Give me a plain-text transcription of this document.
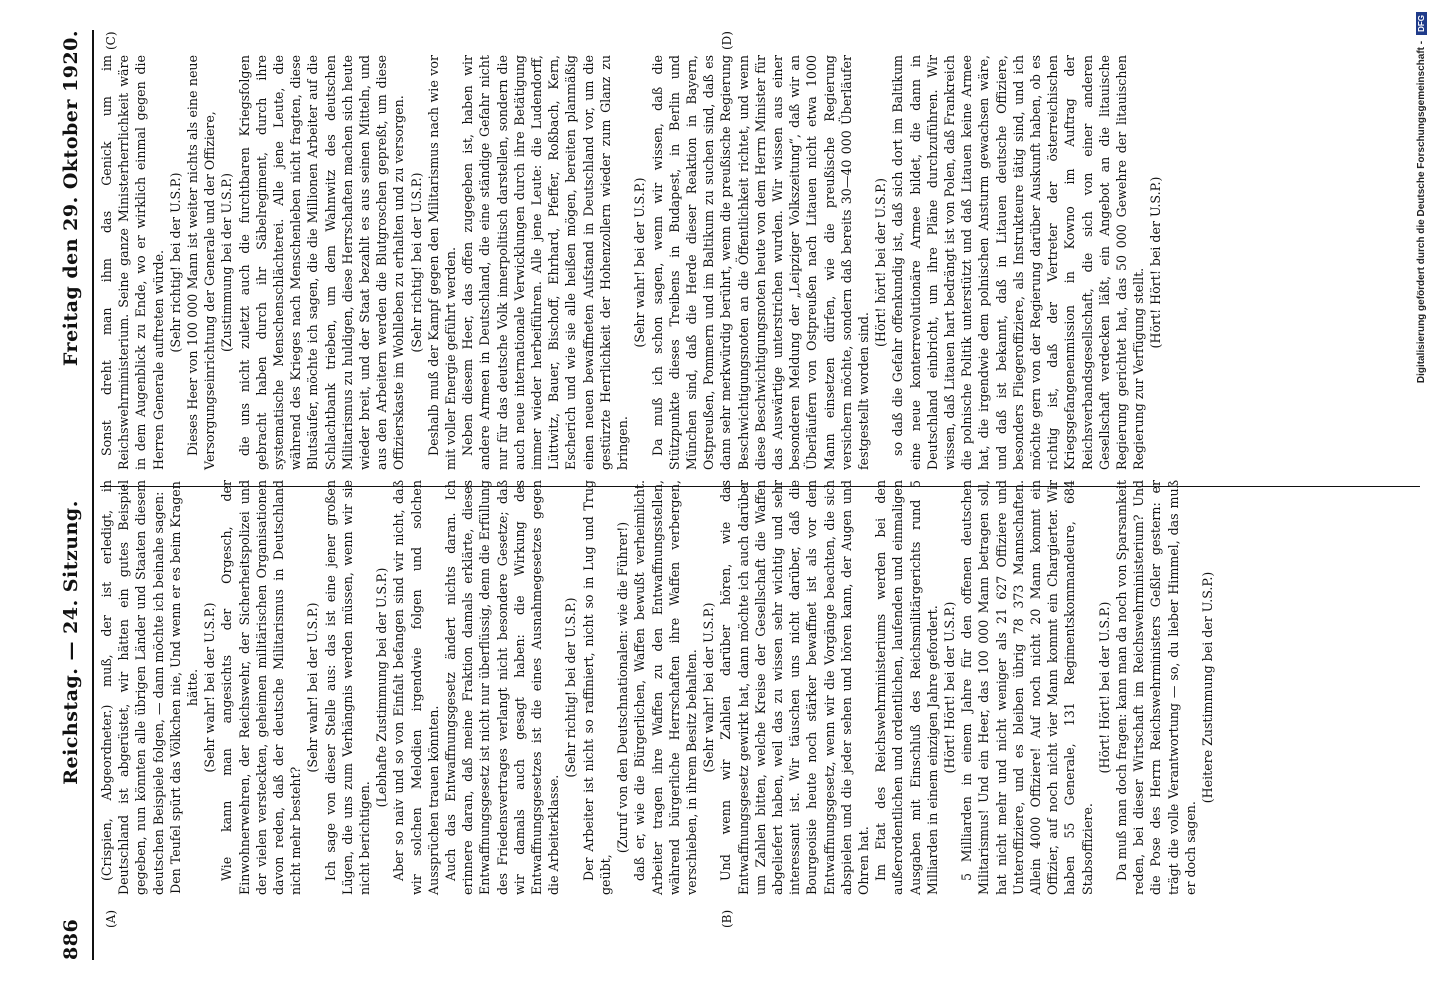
886
Reichstag. — 24. Sitzung.
Freitag den 29. Oktober 1920.
(A)	(B)
(C)	(D)

(Crispien, Abgeordneter.) muß, der ist erledigt, in Deutschland ist abgerüstet, wir hätten ein gutes Beispiel gegeben, nun könnten alle übrigen Länder und Staaten diesem deutschen Beispiele folgen, — dann möchte ich beinahe sagen: Den Teufel spürt das Völkchen nie, Und wenn er es beim Kragen hätte. (Sehr wahr! bei der U.S.P.) Wie kann man angesichts der Orgesch, der Einwohnerwehren, der Reichswehr, der Sicherheitspolizei und der vielen versteckten, geheimen militärischen Organisationen davon reden, daß der deutsche Militarismus in Deutschland nicht mehr besteht?

(Sehr wahr! bei der U.S.P.) Ich sage von dieser Stelle aus: das ist eine jener großen Lügen, die uns zum Verhängnis werden müssen, wenn wir sie nicht berichtigen.

(Lebhafte Zustimmung bei der U.S.P.) Aber so naiv und so von Einfalt befangen sind wir nicht, daß wir solchen Melodien irgendwie folgen und solchen Aussprüchen trauen könnten. Auch das Entwaffnungsgesetz ändert nichts daran. Ich erinnere daran, daß meine Fraktion damals erklärte, dieses Entwaffnungsgesetz ist nicht nur überflüssig, denn die Erfüllung des Friedensvertrages verlangt nicht besondere Gesetze; daß wir damals auch gesagt haben: die Wirkung des Entwaffnungsgesetzes ist die eines Ausnahmegesetzes gegen die Arbeiterklasse.

(Sehr richtig! bei der U.S.P.) Der Arbeiter ist nicht so raffiniert, nicht so in Lug und Trug geübt,

(Zuruf von den Deutschnationalen: wie die Führer!) daß er, wie die Bürgerlichen, Waffen bewußt verheimlicht. Arbeiter tragen ihre Waffen zu den Entwaffnungsstellen, während bürgerliche Herrschaften ihre Waffen verbergen, verschieben, in ihrem Besitz behalten. (Sehr wahr! bei der U.S.P.) Und wenn wir Zahlen darüber hören, wie das Entwaffnungsgesetz gewirkt hat, dann möchte ich auch darüber um Zahlen bitten, welche Kreise der Gesellschaft die Waffen abgeliefert haben, weil das zu wissen sehr wichtig und sehr interessant ist. Wir täuschen uns nicht darüber, daß die Bourgeoisie heute noch stärker bewaffnet ist als vor dem Entwaffnungsgesetz, wenn wir die Vorgänge beachten, die sich abspielen und die jeder sehen und hören kann, der Augen und Ohren hat. Im Etat des Reichswehrministeriums werden bei den außerordentlichen und ordentlichen, laufenden und einmaligen Ausgaben mit Einschluß des Reichsmilitärgerichts rund 5 Milliarden in einem einzigen Jahre gefordert. (Hört! Hört! bei der U.S.P.) 5 Milliarden in einem Jahre für den offenen deutschen Militarismus! Und ein Heer, das 100 000 Mann betragen soll, hat nicht mehr und nicht weniger als 21 627 Offiziere und Unteroffiziere, und es bleiben übrig 78 373 Mannschaften. Allein 4000 Offiziere! Auf noch nicht 20 Mann kommt ein Offizier, auf noch nicht vier Mann kommt ein Chargierter. Wir haben 55 Generale, 131 Regimentskommandeure, 684 Stabsoffiziere.

(Hört! Hört! bei der U.S.P.) Da muß man doch fragen: kann man da noch von Sparsamkeit reden, bei dieser Wirtschaft im Reichswehrministerium? Und die Pose des Herrn Reichswehrministers Geßler gestern: er trägt die volle Verantwortung — so, du lieber Himmel, das muß er doch sagen.

(Heitere Zustimmung bei der U.S.P.)

Sonst dreht man ihm das Genick um im Reichswehrministerium. Seine ganze Ministerherrlichkeit wäre in dem Augenblick zu Ende, wo er wirklich einmal gegen die Herren Generale auftreten würde. (Sehr richtig! bei der U.S.P.) Dieses Heer von 100 000 Mann ist weiter nichts als eine neue Versorgungseinrichtung der Generale und der Offiziere, (Zustimmung bei der U.S.P.) die uns nicht zuletzt auch die furchtbaren Kriegsfolgen gebracht haben durch ihr Säbelregiment, durch ihre systematische Menschenschlächterei. Alle jene Leute, die während des Krieges nach Menschenleben nicht fragten, diese Blutsäufer, möchte ich sagen, die die Millionen Arbeiter auf die Schlachtbank trieben, um dem Wahnwitz des deutschen Militarismus zu huldigen, diese Herrschaften machen sich heute wieder breit, und der Staat bezahlt es aus seinen Mitteln, und aus den Arbeitern werden die Blutgroschen gepreßt, um diese Offizierskaste im Wohlleben zu erhalten und zu versorgen. (Sehr richtig! bei der U.S.P.) Deshalb muß der Kampf gegen den Militarismus nach wie vor mit voller Energie geführt werden. Neben diesem Heer, das offen zugegeben ist, haben wir andere Armeen in Deutschland, die eine ständige Gefahr nicht nur für das deutsche Volk innerpolitisch darstellen, sondern die auch neue internationale Verwicklungen durch ihre Betätigung immer wieder herbeiführen. Alle jene Leute: die Ludendorff, Lüttwitz, Bauer, Bischoff, Ehrhard, Pfeffer, Roßbach, Kern, Escherich und wie sie alle heißen mögen, bereiten planmäßig einen neuen bewaffneten Aufstand in Deutschland vor, um die gestürzte Herrlichkeit der Hohenzollern wieder zum Glanz zu bringen.

(Sehr wahr! bei der U.S.P.) Da muß ich schon sagen, wenn wir wissen, daß die Stützpunkte dieses Treibens in Budapest, in Berlin und München sind, daß die Herde dieser Reaktion in Bayern, Ostpreußen, Pommern und im Baltikum zu suchen sind, daß es dann sehr merkwürdig berührt, wenn die preußische Regierung Beschwichtigungsnoten an die Öffentlichkeit richtet, und wenn diese Beschwichtigungsnoten heute von dem Herrn Minister für das Auswärtige unterstrichen wurden. Wir wissen aus einer besonderen Meldung der „Leipziger Volkszeitung“, daß wir an Überläufern von Ostpreußen nach Litauen nicht etwa 1000 Mann einsetzen dürfen, wie die preußische Regierung versichern möchte, sondern daß bereits 30—40 000 Überläufer festgestellt worden sind.

(Hört! hört! bei der U.S.P.) so daß die Gefahr offenkundig ist, daß sich dort im Baltikum eine neue konterrevolutionäre Armee bildet, die dann in Deutschland einbricht, um ihre Pläne durchzuführen. Wir wissen, daß Litauen hart bedrängt ist von Polen, daß Frankreich die polnische Politik unterstützt und daß Litauen keine Armee hat, die irgendwie dem polnischen Ansturm gewachsen wäre, und daß ist bekannt, daß in Litauen deutsche Offiziere, besonders Fliegeroffiziere, als Instrukteure tätig sind, und ich möchte gern von der Regierung darüber Auskunft haben, ob es richtig ist, daß der Vertreter der österreichischen Kriegsgefangenenmission in Kowno im Auftrag der Reichsverbandsgesellschaft, die sich von einer anderen Gesellschaft verdecken läßt, ein Angebot an die litauische Regierung gerichtet hat, das 50 000 Gewehre der litauischen Regierung zur Verfügung stellt.

(Hört! Hört! bei der U.S.P.)	Digitalisierung gefördert durch die Deutsche Forschungsgemeinschaft -
DFG
